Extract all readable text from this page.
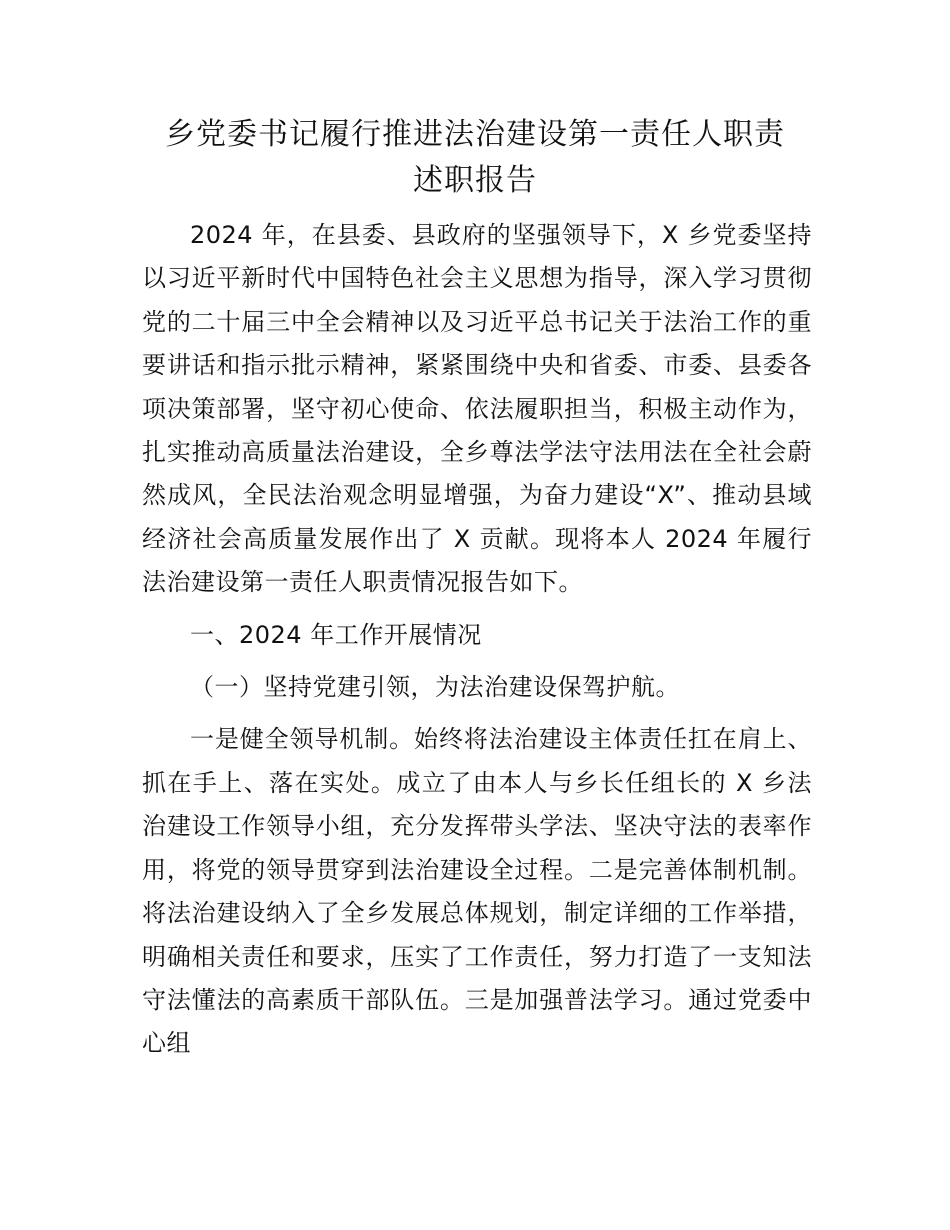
乡党委书记履行推进法治建设第一责任人职责
述职报告

2024 年，在县委、县政府的坚强领导下，X 乡党委坚持以习近平新时代中国特色社会主义思想为指导，深入学习贯彻党的二十届三中全会精神以及习近平总书记关于法治工作的重要讲话和指示批示精神，紧紧围绕中央和省委、市委、县委各项决策部署，坚守初心使命、依法履职担当，积极主动作为，扎实推动高质量法治建设，全乡尊法学法守法用法在全社会蔚然成风，全民法治观念明显增强，为奋力建设“X”、推动县域经济社会高质量发展作出了 X 贡献。现将本人 2024 年履行法治建设第一责任人职责情况报告如下。

一、2024 年工作开展情况

（一）坚持党建引领，为法治建设保驾护航。

一是健全领导机制。始终将法治建设主体责任扛在肩上、抓在手上、落在实处。成立了由本人与乡长任组长的 X 乡法治建设工作领导小组，充分发挥带头学法、坚决守法的表率作用，将党的领导贯穿到法治建设全过程。二是完善体制机制。将法治建设纳入了全乡发展总体规划，制定详细的工作举措，明确相关责任和要求，压实了工作责任，努力打造了一支知法守法懂法的高素质干部队伍。三是加强普法学习。通过党委中心组
